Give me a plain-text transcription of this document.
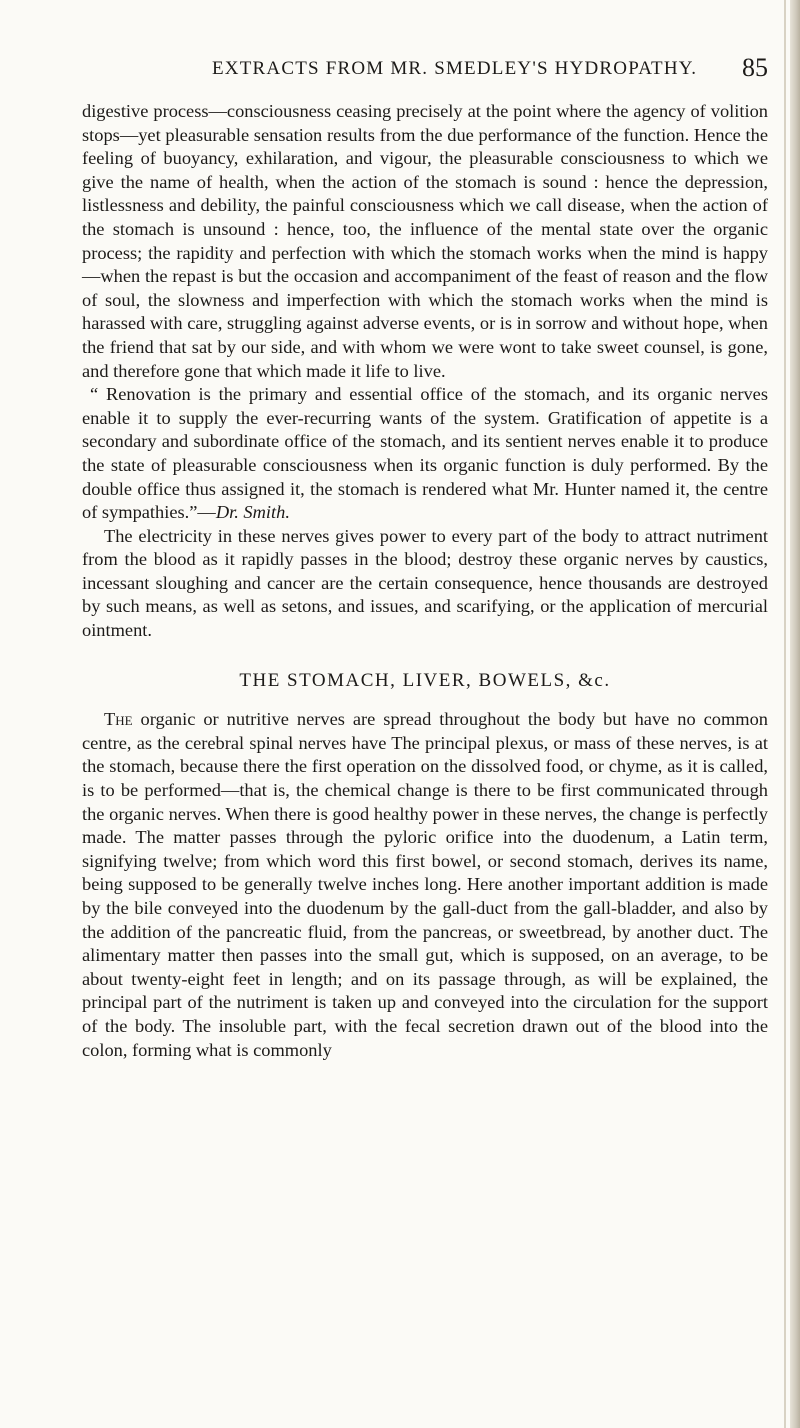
EXTRACTS FROM MR. SMEDLEY'S HYDROPATHY. 85

digestive process—consciousness ceasing precisely at the point where the agency of volition stops—yet pleasurable sensation results from the due performance of the function. Hence the feeling of buoyancy, exhilaration, and vigour, the pleasurable consciousness to which we give the name of health, when the action of the stomach is sound : hence the depression, listlessness and debility, the painful consciousness which we call disease, when the action of the stomach is unsound : hence, too, the influence of the mental state over the organic process; the rapidity and perfection with which the stomach works when the mind is happy—when the repast is but the occasion and accompaniment of the feast of reason and the flow of soul, the slowness and imperfection with which the stomach works when the mind is harassed with care, struggling against adverse events, or is in sorrow and without hope, when the friend that sat by our side, and with whom we were wont to take sweet counsel, is gone, and therefore gone that which made it life to live.

“ Renovation is the primary and essential office of the stomach, and its organic nerves enable it to supply the ever-recurring wants of the system. Gratification of appetite is a secondary and subordinate office of the stomach, and its sentient nerves enable it to produce the state of pleasurable consciousness when its organic function is duly performed. By the double office thus assigned it, the stomach is rendered what Mr. Hunter named it, the centre of sympathies.”—Dr. Smith.

The electricity in these nerves gives power to every part of the body to attract nutriment from the blood as it rapidly passes in the blood; destroy these organic nerves by caustics, incessant sloughing and cancer are the certain consequence, hence thousands are destroyed by such means, as well as setons, and issues, and scarifying, or the application of mercurial ointment.

THE STOMACH, LIVER, BOWELS, &c.

The organic or nutritive nerves are spread throughout the body but have no common centre, as the cerebral spinal nerves have The principal plexus, or mass of these nerves, is at the stomach, because there the first operation on the dissolved food, or chyme, as it is called, is to be performed—that is, the chemical change is there to be first communicated through the organic nerves. When there is good healthy power in these nerves, the change is perfectly made. The matter passes through the pyloric orifice into the duodenum, a Latin term, signifying twelve; from which word this first bowel, or second stomach, derives its name, being supposed to be generally twelve inches long. Here another important addition is made by the bile conveyed into the duodenum by the gall-duct from the gall-bladder, and also by the addition of the pancreatic fluid, from the pancreas, or sweetbread, by another duct. The alimentary matter then passes into the small gut, which is supposed, on an average, to be about twenty-eight feet in length; and on its passage through, as will be explained, the principal part of the nutriment is taken up and conveyed into the circulation for the support of the body. The insoluble part, with the fecal secretion drawn out of the blood into the colon, forming what is commonly
